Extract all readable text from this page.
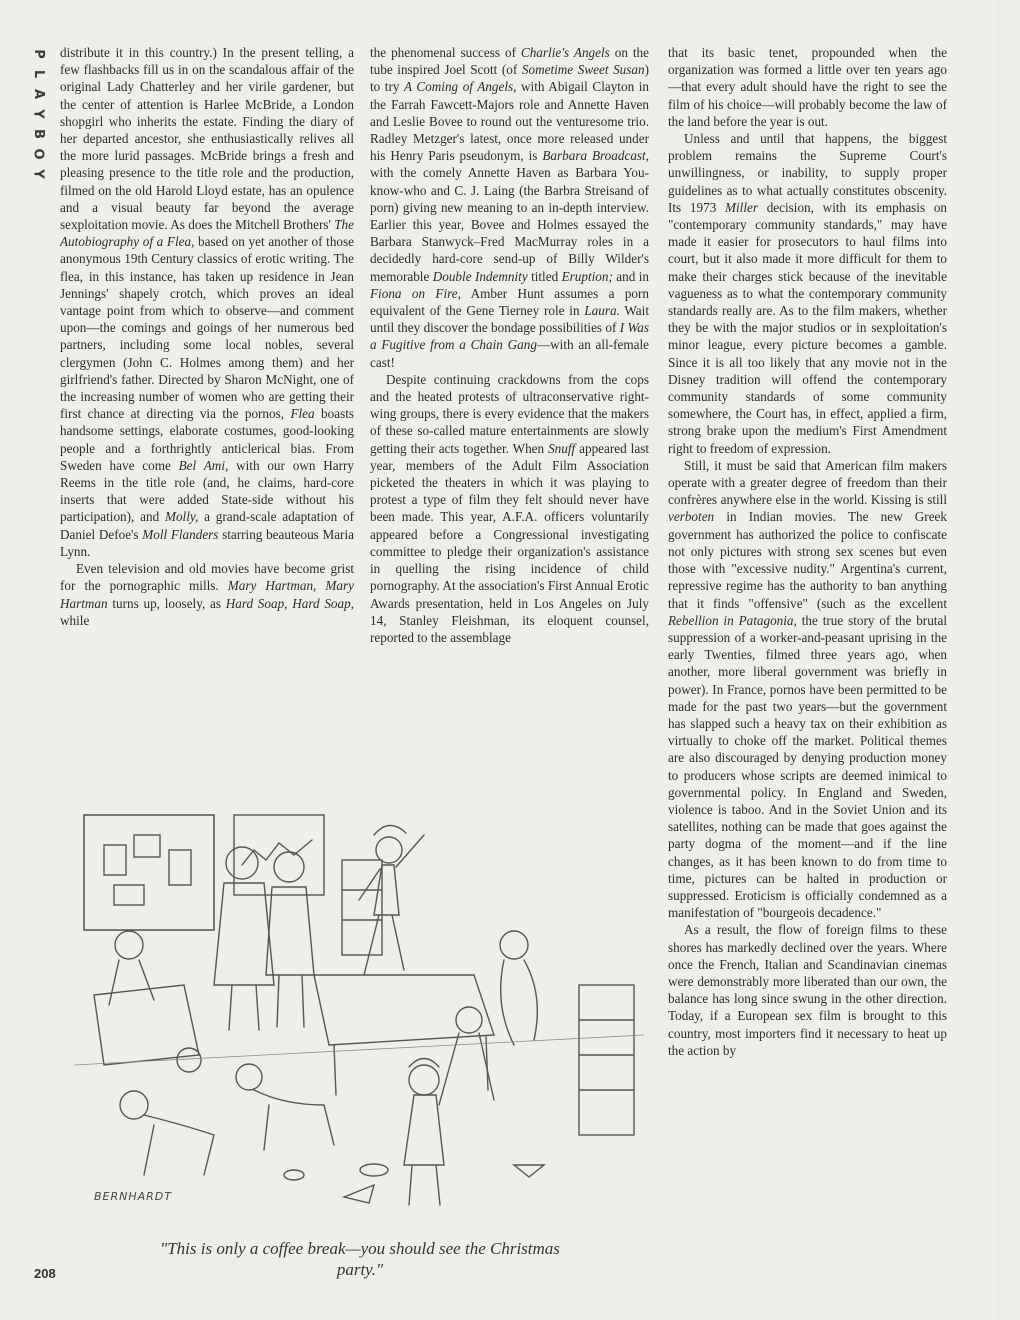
P
L
A
Y
B
O
Y

distribute it in this country.) In the present telling, a few flashbacks fill us in on the scandalous affair of the original Lady Chatterley and her virile gardener, but the center of attention is Harlee McBride, a London shopgirl who inherits the estate. Finding the diary of her departed ancestor, she enthusiastically relives all the more lurid passages. McBride brings a fresh and pleasing presence to the title role and the production, filmed on the old Harold Lloyd estate, has an opulence and a visual beauty far beyond the average sexploitation movie. As does the Mitchell Brothers' The Autobiography of a Flea, based on yet another of those anonymous 19th Century classics of erotic writing. The flea, in this instance, has taken up residence in Jean Jennings' shapely crotch, which proves an ideal vantage point from which to observe—and comment upon—the comings and goings of her numerous bed partners, including some local nobles, several clergymen (John C. Holmes among them) and her girlfriend's father. Directed by Sharon McNight, one of the increasing number of women who are getting their first chance at directing via the pornos, Flea boasts handsome settings, elaborate costumes, good-looking people and a forthrightly anticlerical bias. From Sweden have come Bel Ami, with our own Harry Reems in the title role (and, he claims, hard-core inserts that were added State-side without his participation), and Molly, a grand-scale adaptation of Daniel Defoe's Moll Flanders starring beauteous Maria Lynn.

Even television and old movies have become grist for the pornographic mills. Mary Hartman, Mary Hartman turns up, loosely, as Hard Soap, Hard Soap, while

the phenomenal success of Charlie's Angels on the tube inspired Joel Scott (of Sometime Sweet Susan) to try A Coming of Angels, with Abigail Clayton in the Farrah Fawcett-Majors role and Annette Haven and Leslie Bovee to round out the venturesome trio. Radley Metzger's latest, once more released under his Henry Paris pseudonym, is Barbara Broadcast, with the comely Annette Haven as Barbara You-know-who and C. J. Laing (the Barbra Streisand of porn) giving new meaning to an in-depth interview. Earlier this year, Bovee and Holmes essayed the Barbara Stanwyck–Fred MacMurray roles in a decidedly hard-core send-up of Billy Wilder's memorable Double Indemnity titled Eruption; and in Fiona on Fire, Amber Hunt assumes a porn equivalent of the Gene Tierney role in Laura. Wait until they discover the bondage possibilities of I Was a Fugitive from a Chain Gang—with an all-female cast!

Despite continuing crackdowns from the cops and the heated protests of ultraconservative right-wing groups, there is every evidence that the makers of these so-called mature entertainments are slowly getting their acts together. When Snuff appeared last year, members of the Adult Film Association picketed the theaters in which it was playing to protest a type of film they felt should never have been made. This year, A.F.A. officers voluntarily appeared before a Congressional investigating committee to pledge their organization's assistance in quelling the rising incidence of child pornography. At the association's First Annual Erotic Awards presentation, held in Los Angeles on July 14, Stanley Fleishman, its eloquent counsel, reported to the assemblage

that its basic tenet, propounded when the organization was formed a little over ten years ago—that every adult should have the right to see the film of his choice—will probably become the law of the land before the year is out.

Unless and until that happens, the biggest problem remains the Supreme Court's unwillingness, or inability, to supply proper guidelines as to what actually constitutes obscenity. Its 1973 Miller decision, with its emphasis on "contemporary community standards," may have made it easier for prosecutors to haul films into court, but it also made it more difficult for them to make their charges stick because of the inevitable vagueness as to what the contemporary community standards really are. As to the film makers, whether they be with the major studios or in sexploitation's minor league, every picture becomes a gamble. Since it is all too likely that any movie not in the Disney tradition will offend the contemporary community standards of some community somewhere, the Court has, in effect, applied a firm, strong brake upon the medium's First Amendment right to freedom of expression.

Still, it must be said that American film makers operate with a greater degree of freedom than their confrères anywhere else in the world. Kissing is still verboten in Indian movies. The new Greek government has authorized the police to confiscate not only pictures with strong sex scenes but even those with "excessive nudity." Argentina's current, repressive regime has the authority to ban anything that it finds "offensive" (such as the excellent Rebellion in Patagonia, the true story of the brutal suppression of a worker-and-peasant uprising in the early Twenties, filmed three years ago, when another, more liberal government was briefly in power). In France, pornos have been permitted to be made for the past two years—but the government has slapped such a heavy tax on their exhibition as virtually to choke off the market. Political themes are also discouraged by denying production money to producers whose scripts are deemed inimical to governmental policy. In England and Sweden, violence is taboo. And in the Soviet Union and its satellites, nothing can be made that goes against the party dogma of the moment—and if the line changes, as it has been known to do from time to time, pictures can be halted in production or suppressed. Eroticism is officially condemned as a manifestation of "bourgeois decadence."

As a result, the flow of foreign films to these shores has markedly declined over the years. Where once the French, Italian and Scandinavian cinemas were demonstrably more liberated than our own, the balance has long since swung in the other direction. Today, if a European sex film is brought to this country, most importers find it necessary to heat up the action by

BERNHARDT
"This is only a coffee break—you should see the Christmas party."
208
